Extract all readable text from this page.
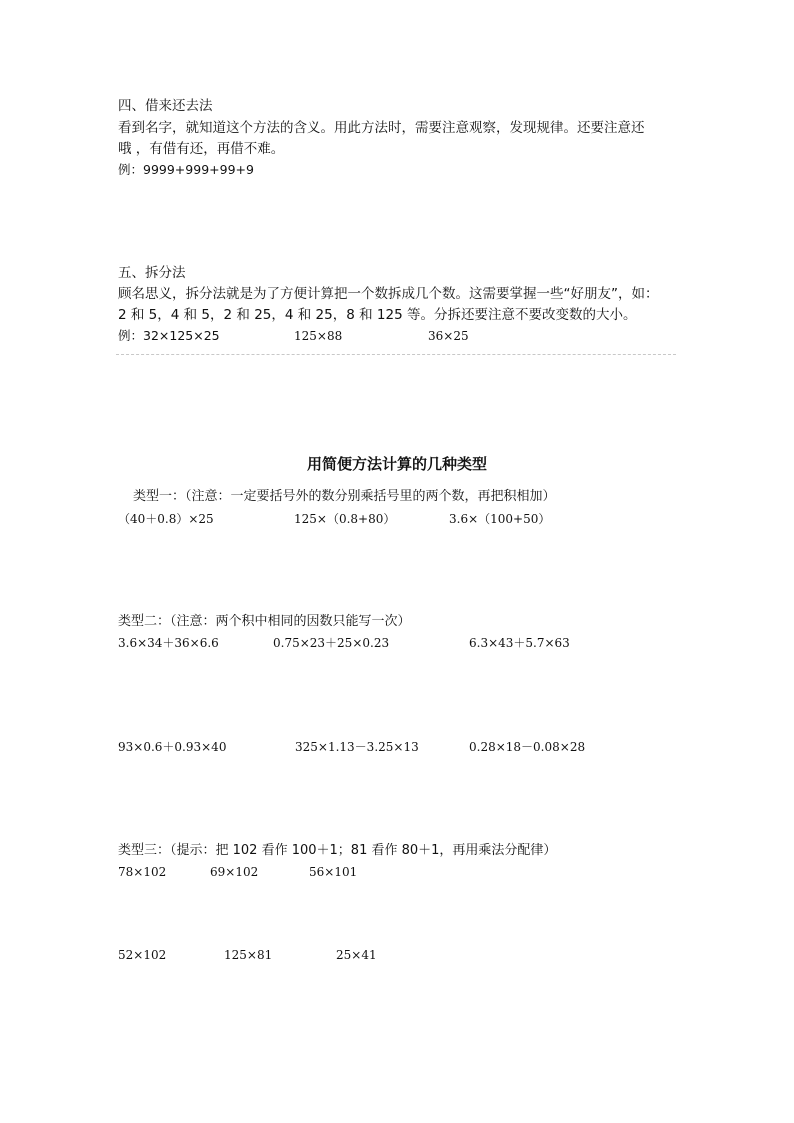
四、借来还去法
看到名字，就知道这个方法的含义。用此方法时，需要注意观察，发现规律。还要注意还
哦 ，有借有还，再借不难。
例：9999+999+99+9
五、拆分法
顾名思义，拆分法就是为了方便计算把一个数拆成几个数。这需要掌握一些“好朋友”，如：
2 和 5，4 和 5，2 和 25，4 和 25，8 和 125 等。分拆还要注意不要改变数的大小。
例：32×125×25	125×88	36×25
用简便方法计算的几种类型
类型一：（注意：一定要括号外的数分别乘括号里的两个数，再把积相加）
（40＋0.8）×25	125×（0.8+80）	3.6×（100+50）
类型二：（注意：两个积中相同的因数只能写一次）
3.6×34＋36×6.6	0.75×23＋25×0.23	6.3×43＋5.7×63
93×0.6＋0.93×40	325×1.13－3.25×13	0.28×18－0.08×28
类型三：（提示：把 102 看作 100＋1；81 看作 80＋1，再用乘法分配律）
78×102	69×102	56×101
52×102	125×81	25×41
